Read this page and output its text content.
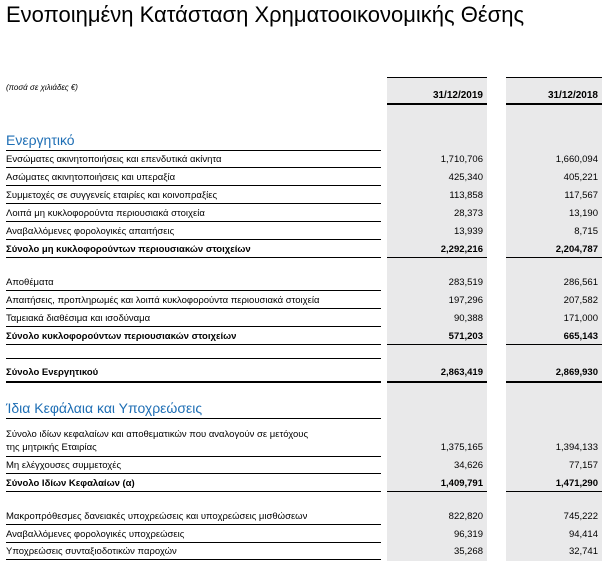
Ενοποιημένη Κατάσταση Χρηματοοικονομικής Θέσης
(ποσά σε χιλιάδες €)
31/12/2019	31/12/2018
Ενεργητικό
Ενσώματες ακινητοποιήσεις και επενδυτικά ακίνητα	1,710,706	1,660,094
Ασώματες ακινητοποιήσεις και υπεραξία	425,340	405,221
Συμμετοχές σε συγγενείς εταιρίες και κοινοπραξίες	113,858	117,567
Λοιπά μη κυκλοφορούντα περιουσιακά στοιχεία	28,373	13,190
Αναβαλλόμενες φορολογικές απαιτήσεις	13,939	8,715
Σύνολο μη κυκλοφορούντων περιουσιακών στοιχείων	2,292,216	2,204,787
Αποθέματα	283,519	286,561
Απαιτήσεις, προπληρωμές και λοιπά κυκλοφορούντα περιουσιακά στοιχεία	197,296	207,582
Ταμειακά διαθέσιμα και ισοδύναμα	90,388	171,000
Σύνολο κυκλοφορούντων περιουσιακών στοιχείων	571,203	665,143
Σύνολο Ενεργητικού	2,863,419	2,869,930
Ίδια Κεφάλαια και Υποχρεώσεις
Σύνολο ιδίων κεφαλαίων και αποθεματικών που αναλογούν σε μετόχους
της μητρικής Εταιρίας	1,375,165	1,394,133
Μη ελέγχουσες συμμετοχές	34,626	77,157
Σύνολο Ιδίων Κεφαλαίων (α)	1,409,791	1,471,290
Μακροπρόθεσμες δανειακές υποχρεώσεις και υποχρεώσεις μισθώσεων	822,820	745,222
Αναβαλλόμενες φορολογικές υποχρεώσεις	96,319	94,414
Υποχρεώσεις συνταξιοδοτικών παροχών	35,268	32,741
